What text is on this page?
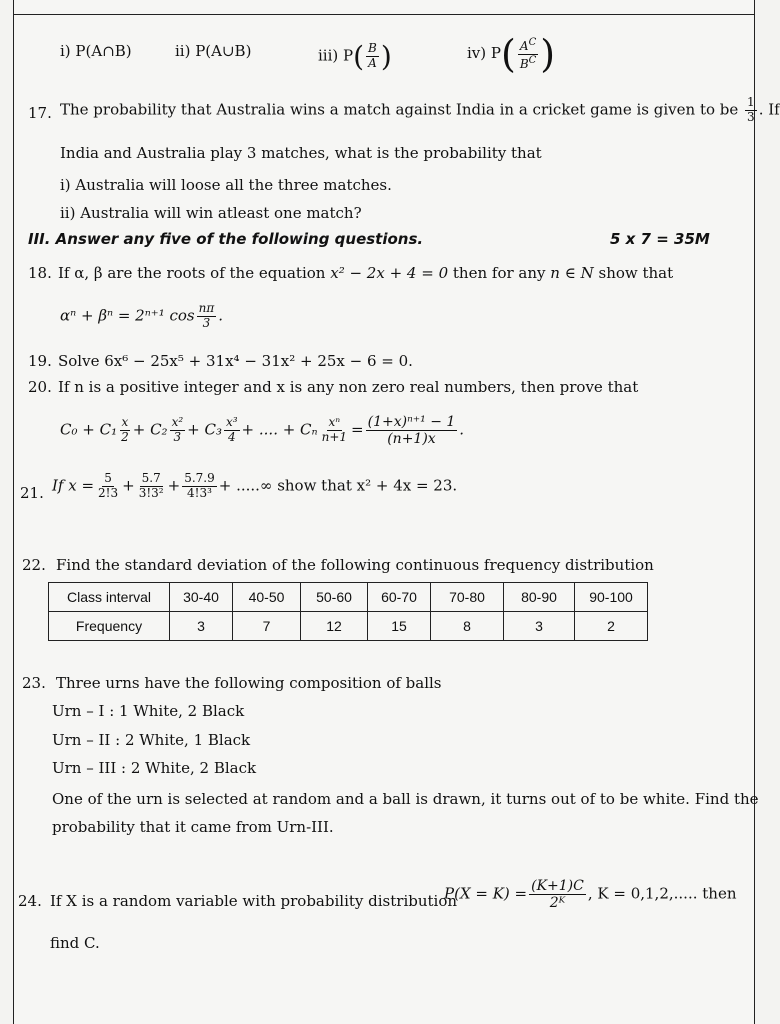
i) P(A∩B)	ii) P(A∪B)	iii) $P( \frac{B}{A}$ )	iv) $P( \frac{A^C}{B^C}$ )
17. The probability that Australia wins a match against India in a cricket game is given to be $\frac{1}{3}$ . If
India and Australia play 3 matches, what is the probability that
i) Australia will loose all the three matches.
ii) Australia will win atleast one match?
III. Answer any five of the following questions.	5 x 7 = 35M
18. If α, β are the roots of the equation x² − 2x + 4 = 0 then for any n ∈ N show that
αⁿ + βⁿ = 2ⁿ⁺¹ $\cos \frac{n\pi}{3}$ .
19. Solve 6x⁶ − 25x⁵ + 31x⁴ − 31x² + 25x − 6 = 0.
20. If n is a positive integer and x is any non zero real numbers, then prove that
$C_0 + C_1 \frac{x}{2} + C_2 \frac{\text{x²}}{3} + C_3 \frac{\text{x³}}{4}$ + .... + Cₙ $\frac{\text{xⁿ}}{n+1} = \frac{\text{(1+x)ⁿ⁺¹ − 1}}{(n+1)x}$ .
21. If $x = \frac{5}{2!3} + \frac{5.7}{\text{3!3²}} + \frac{5.7.9}{\text{4!3³}}$ + .....∞ show that x² + 4x = 23.
22. Find the standard deviation of the following continuous frequency distribution
Class interval	30-40	40-50	50-60	60-70	70-80	80-90	90-100
Frequency	3	7	12	15	8	3	2
23. Three urns have the following composition of balls
Urn – I : 1 White, 2 Black
Urn – II : 2 White, 1 Black
Urn – III : 2 White, 2 Black
One of the urn is selected at random and a ball is drawn, it turns out of to be white. Find the
probability that it came from Urn-III.
24. If X is a random variable with probability distribution
$P(X = K) = \frac{(K+1)C}{\text{2ᴷ}}$ , K = 0,1,2,..... then
find C.
